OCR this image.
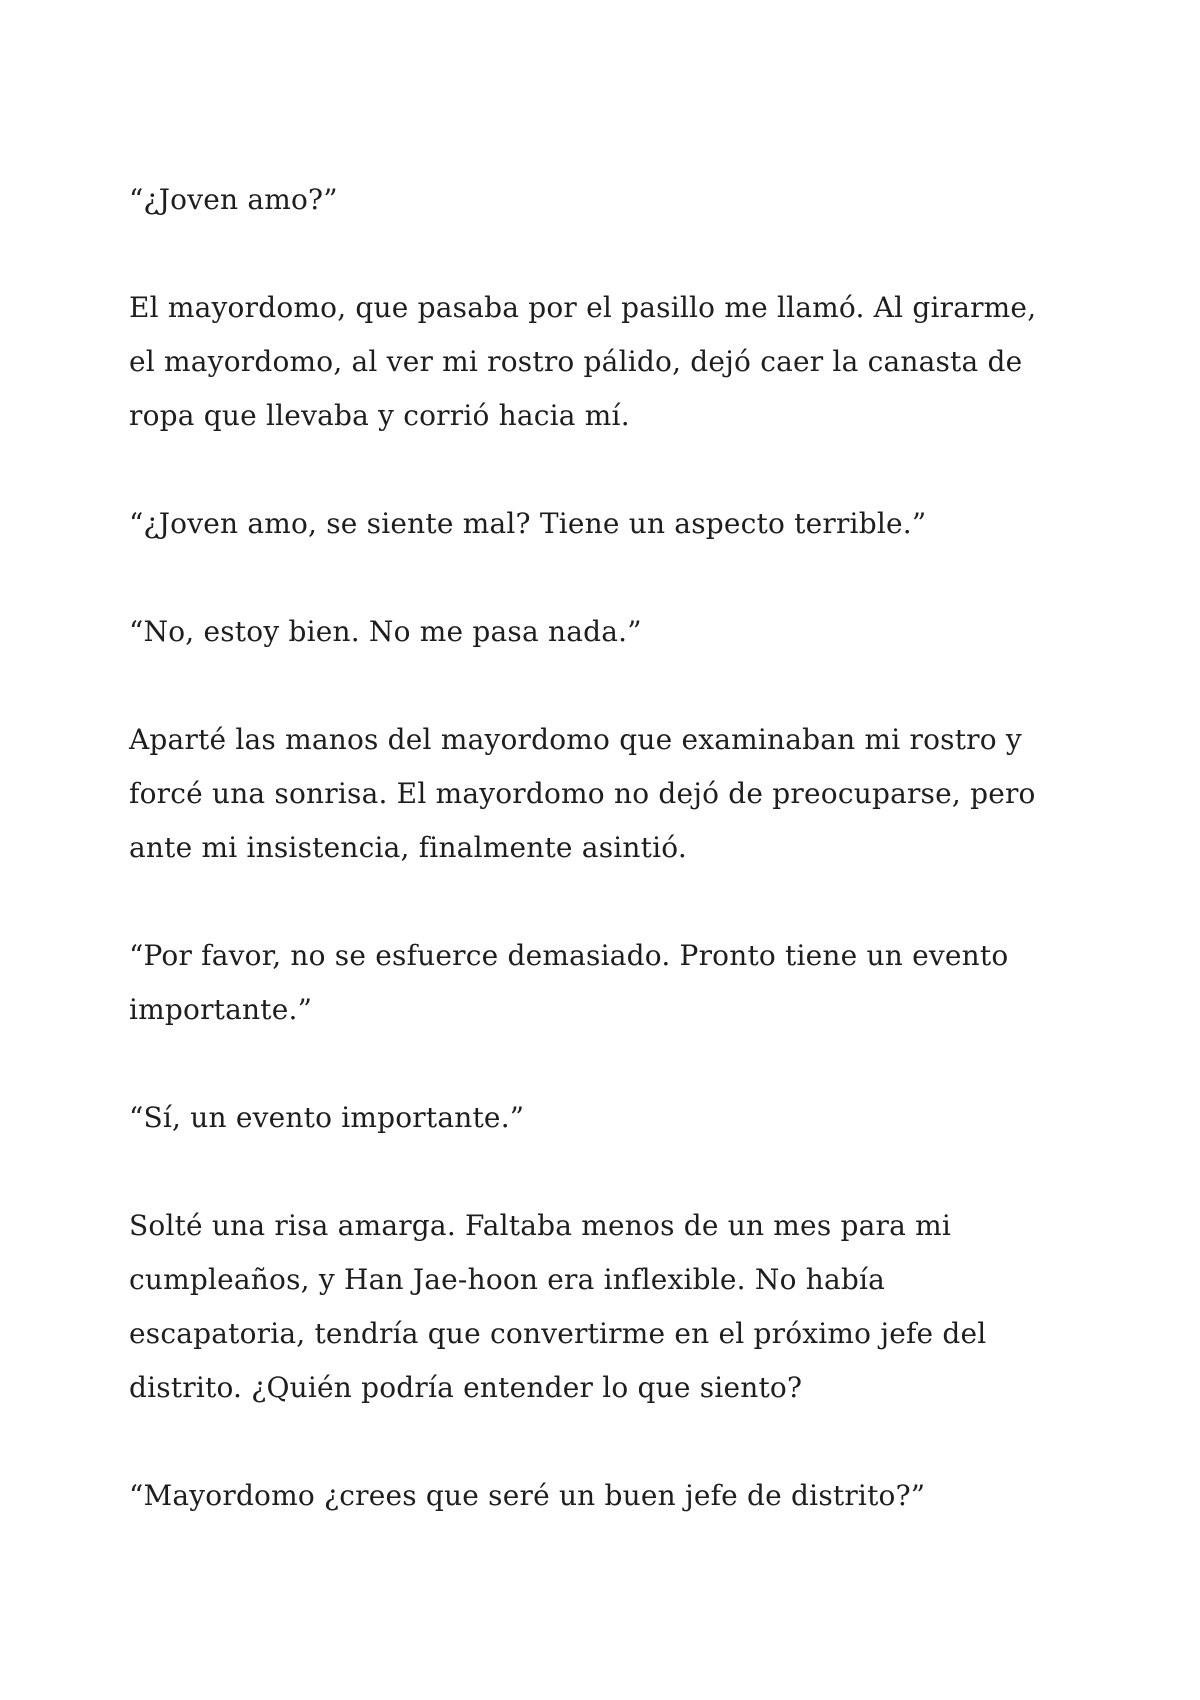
“¿Joven amo?”

El mayordomo, que pasaba por el pasillo me llamó. Al girarme, el mayordomo, al ver mi rostro pálido, dejó caer la canasta de ropa que llevaba y corrió hacia mí.

“¿Joven amo, se siente mal? Tiene un aspecto terrible.”

“No, estoy bien. No me pasa nada.”

Aparté las manos del mayordomo que examinaban mi rostro y forcé una sonrisa. El mayordomo no dejó de preocuparse, pero ante mi insistencia, finalmente asintió.

“Por favor, no se esfuerce demasiado. Pronto tiene un evento importante.”

“Sí, un evento importante.”

Solté una risa amarga. Faltaba menos de un mes para mi cumpleaños, y Han Jae-hoon era inflexible. No había escapatoria, tendría que convertirme en el próximo jefe del distrito. ¿Quién podría entender lo que siento?

“Mayordomo ¿crees que seré un buen jefe de distrito?”
